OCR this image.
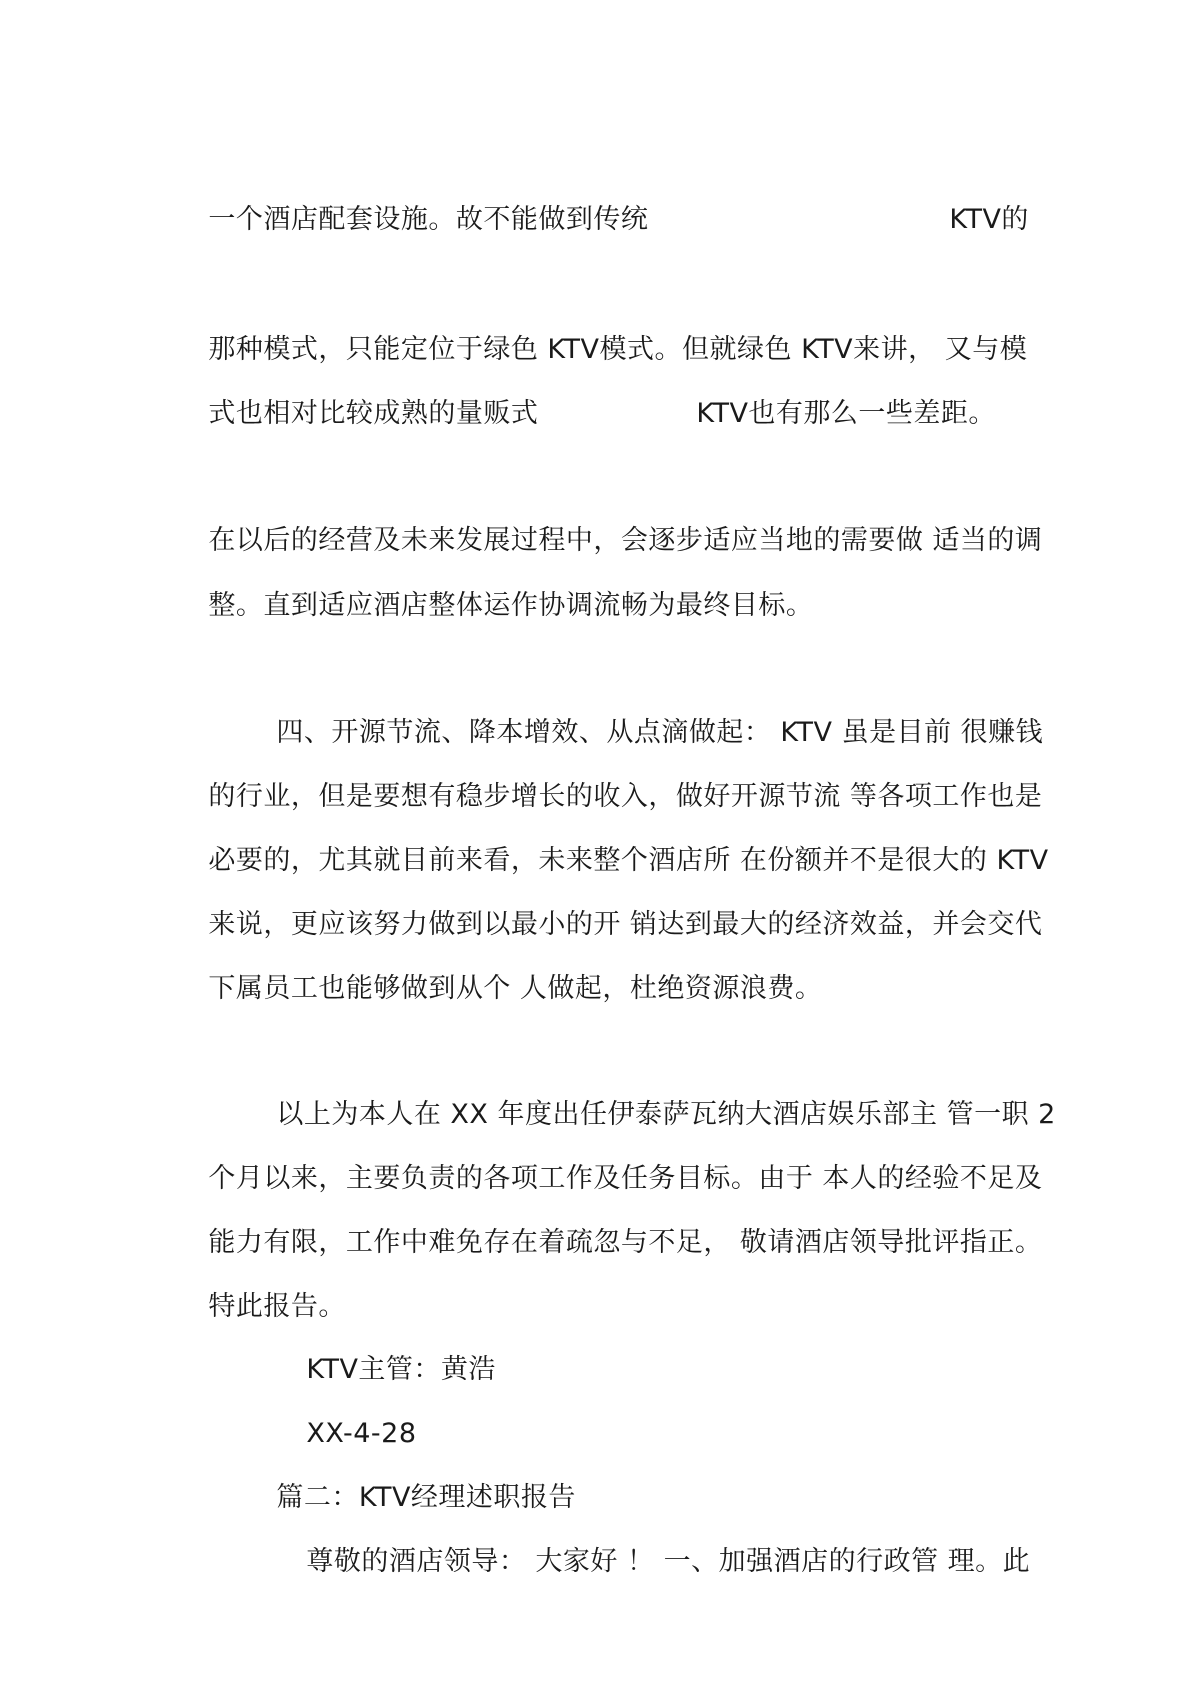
一个酒店配套设施。故不能做到传统
	KTV的

那种模式，只能定位于绿色 KTV模式。但就绿色 KTV来讲， 又与模

式也相对比较成熟的量贩式
	KTV也有那么一些差距。

在以后的经营及未来发展过程中，会逐步适应当地的需要做 适当的调

整。直到适应酒店整体运作协调流畅为最终目标。

四、开源节流、降本增效、从点滴做起： KTV 虽是目前 很赚钱

的行业，但是要想有稳步增长的收入，做好开源节流 等各项工作也是

必要的，尤其就目前来看，未来整个酒店所 在份额并不是很大的 KTV

来说，更应该努力做到以最小的开 销达到最大的经济效益，并会交代

下属员工也能够做到从个 人做起，杜绝资源浪费。

以上为本人在 XX 年度出任伊泰萨瓦纳大酒店娱乐部主 管一职 2

个月以来，主要负责的各项工作及任务目标。由于 本人的经验不足及

能力有限，工作中难免存在着疏忽与不足， 敬请酒店领导批评指正。

特此报告。

KTV主管：黄浩

XX-4-28

篇二：KTV经理述职报告

尊敬的酒店领导： 大家好 ！ 一、加强酒店的行政管 理。此
